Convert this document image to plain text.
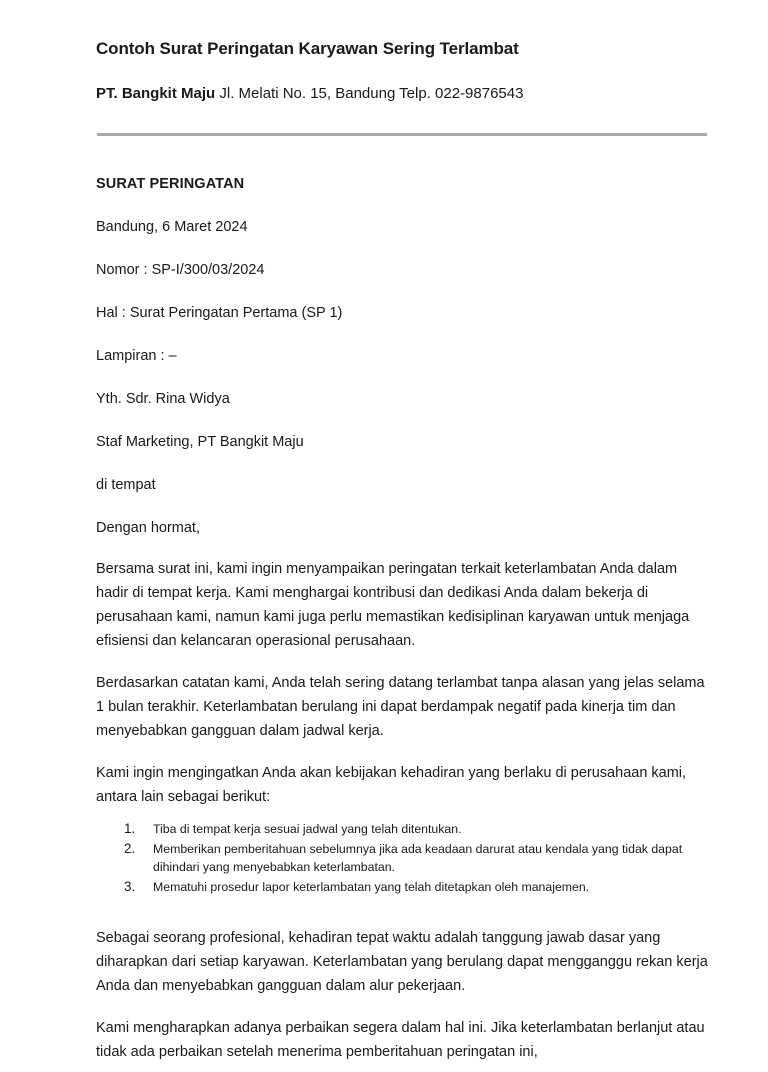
Contoh Surat Peringatan Karyawan Sering Terlambat

PT. Bangkit Maju Jl. Melati No. 15, Bandung Telp. 022-9876543

SURAT PERINGATAN

Bandung, 6 Maret 2024

Nomor : SP-I/300/03/2024

Hal : Surat Peringatan Pertama (SP 1)

Lampiran : –

Yth. Sdr. Rina Widya

Staf Marketing, PT Bangkit Maju

di tempat

Dengan hormat,

Bersama surat ini, kami ingin menyampaikan peringatan terkait keterlambatan Anda dalam hadir di tempat kerja. Kami menghargai kontribusi dan dedikasi Anda dalam bekerja di perusahaan kami, namun kami juga perlu memastikan kedisiplinan karyawan untuk menjaga efisiensi dan kelancaran operasional perusahaan.

Berdasarkan catatan kami, Anda telah sering datang terlambat tanpa alasan yang jelas selama 1 bulan terakhir. Keterlambatan berulang ini dapat berdampak negatif pada kinerja tim dan menyebabkan gangguan dalam jadwal kerja.

Kami ingin mengingatkan Anda akan kebijakan kehadiran yang berlaku di perusahaan kami, antara lain sebagai berikut:

Tiba di tempat kerja sesuai jadwal yang telah ditentukan.
Memberikan pemberitahuan sebelumnya jika ada keadaan darurat atau kendala yang tidak dapat dihindari yang menyebabkan keterlambatan.
Mematuhi prosedur lapor keterlambatan yang telah ditetapkan oleh manajemen.

Sebagai seorang profesional, kehadiran tepat waktu adalah tanggung jawab dasar yang diharapkan dari setiap karyawan. Keterlambatan yang berulang dapat mengganggu rekan kerja Anda dan menyebabkan gangguan dalam alur pekerjaan.

Kami mengharapkan adanya perbaikan segera dalam hal ini. Jika keterlambatan berlanjut atau tidak ada perbaikan setelah menerima pemberitahuan peringatan ini,
